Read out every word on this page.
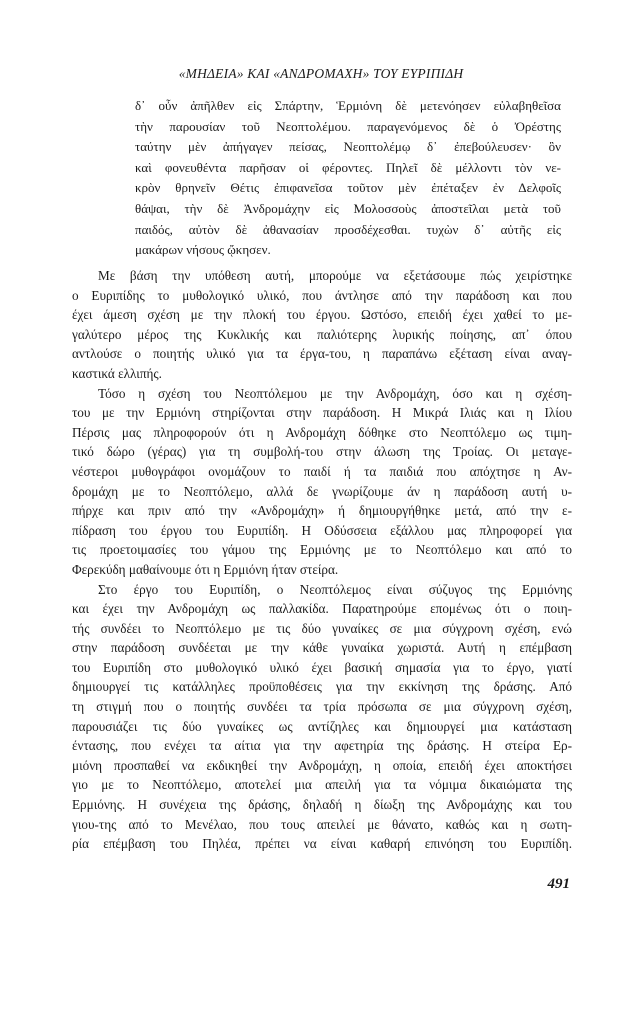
«ΜΗΔΕΙΑ» ΚΑΙ «ΑΝΔΡΟΜΑΧΗ» ΤΟΥ ΕΥΡΙΠΙΔΗ
δ᾽ οὖν ἀπῆλθεν εἰς Σπάρτην, Ἑρμιόνη δὲ μετενόησεν εὐλαβηθεῖσα
τὴν παρουσίαν τοῦ Νεοπτολέμου. παραγενόμενος δὲ ὁ Ὀρέστης
ταύτην μὲν ἀπήγαγεν πείσας, Νεοπτολέμῳ δ᾽ ἐπεβούλευσεν· ὃν
καὶ φονευθέντα παρῆσαν οἱ φέροντες. Πηλεῖ δὲ μέλλοντι τὸν νε-
κρὸν θρηνεῖν Θέτις ἐπιφανεῖσα τοῦτον μὲν ἐπέταξεν ἐν Δελφοῖς
θάψαι, τὴν δὲ Ἀνδρομάχην εἰς Μολοσσοὺς ἀποστεῖλαι μετὰ τοῦ
παιδός, αὐτὸν δὲ ἀθανασίαν προσδέχεσθαι. τυχὼν δ᾽ αὐτῆς εἰς
μακάρων νήσους ᾤκησεν.

Με βάση την υπόθεση αυτή, μπορούμε να εξετάσουμε πώς χειρίστηκε
ο Ευριπίδης το μυθολογικό υλικό, που άντλησε από την παράδοση και που
έχει άμεση σχέση με την πλοκή του έργου. Ωστόσο, επειδή έχει χαθεί το με-
γαλύτερο μέρος της Κυκλικής και παλιότερης λυρικής ποίησης, απ᾽ όπου
αντλούσε ο ποιητής υλικό για τα έργα-του, η παραπάνω εξέταση είναι αναγ-
καστικά ελλιπής.

Τόσο η σχέση του Νεοπτόλεμου με την Ανδρομάχη, όσο και η σχέση-
του με την Ερμιόνη στηρίζονται στην παράδοση. Η Μικρά Ιλιάς και η Ιλίου
Πέρσις μας πληροφορούν ότι η Ανδρομάχη δόθηκε στο Νεοπτόλεμο ως τιμη-
τικό δώρο (γέρας) για τη συμβολή-του στην άλωση της Τροίας. Οι μεταγε-
νέστεροι μυθογράφοι ονομάζουν το παιδί ή τα παιδιά που απόχτησε η Αν-
δρομάχη με το Νεοπτόλεμο, αλλά δε γνωρίζουμε άν η παράδοση αυτή υ-
πήρχε και πριν από την «Ανδρομάχη» ή δημιουργήθηκε μετά, από την ε-
πίδραση του έργου του Ευριπίδη. Η Οδύσσεια εξάλλου μας πληροφορεί για
τις προετοιμασίες του γάμου της Ερμιόνης με το Νεοπτόλεμο και από το
Φερεκύδη μαθαίνουμε ότι η Ερμιόνη ήταν στείρα.

Στο έργο του Ευριπίδη, ο Νεοπτόλεμος είναι σύζυγος της Ερμιόνης
και έχει την Ανδρομάχη ως παλλακίδα. Παρατηρούμε επομένως ότι ο ποιη-
τής συνδέει το Νεοπτόλεμο με τις δύο γυναίκες σε μια σύγχρονη σχέση, ενώ
στην παράδοση συνδέεται με την κάθε γυναίκα χωριστά. Αυτή η επέμβαση
του Ευριπίδη στο μυθολογικό υλικό έχει βασική σημασία για το έργο, γιατί
δημιουργεί τις κατάλληλες προϋποθέσεις για την εκκίνηση της δράσης. Από
τη στιγμή που ο ποιητής συνδέει τα τρία πρόσωπα σε μια σύγχρονη σχέση,
παρουσιάζει τις δύο γυναίκες ως αντίζηλες και δημιουργεί μια κατάσταση
έντασης, που ενέχει τα αίτια για την αφετηρία της δράσης. Η στείρα Ερ-
μιόνη προσπαθεί να εκδικηθεί την Ανδρομάχη, η οποία, επειδή έχει αποκτήσει
γιο με το Νεοπτόλεμο, αποτελεί μια απειλή για τα νόμιμα δικαιώματα της
Ερμιόνης. Η συνέχεια της δράσης, δηλαδή η δίωξη της Ανδρομάχης και του
γιου-της από το Μενέλαο, που τους απειλεί με θάνατο, καθώς και η σωτη-
ρία επέμβαση του Πηλέα, πρέπει να είναι καθαρή επινόηση του Ευριπίδη.

491
